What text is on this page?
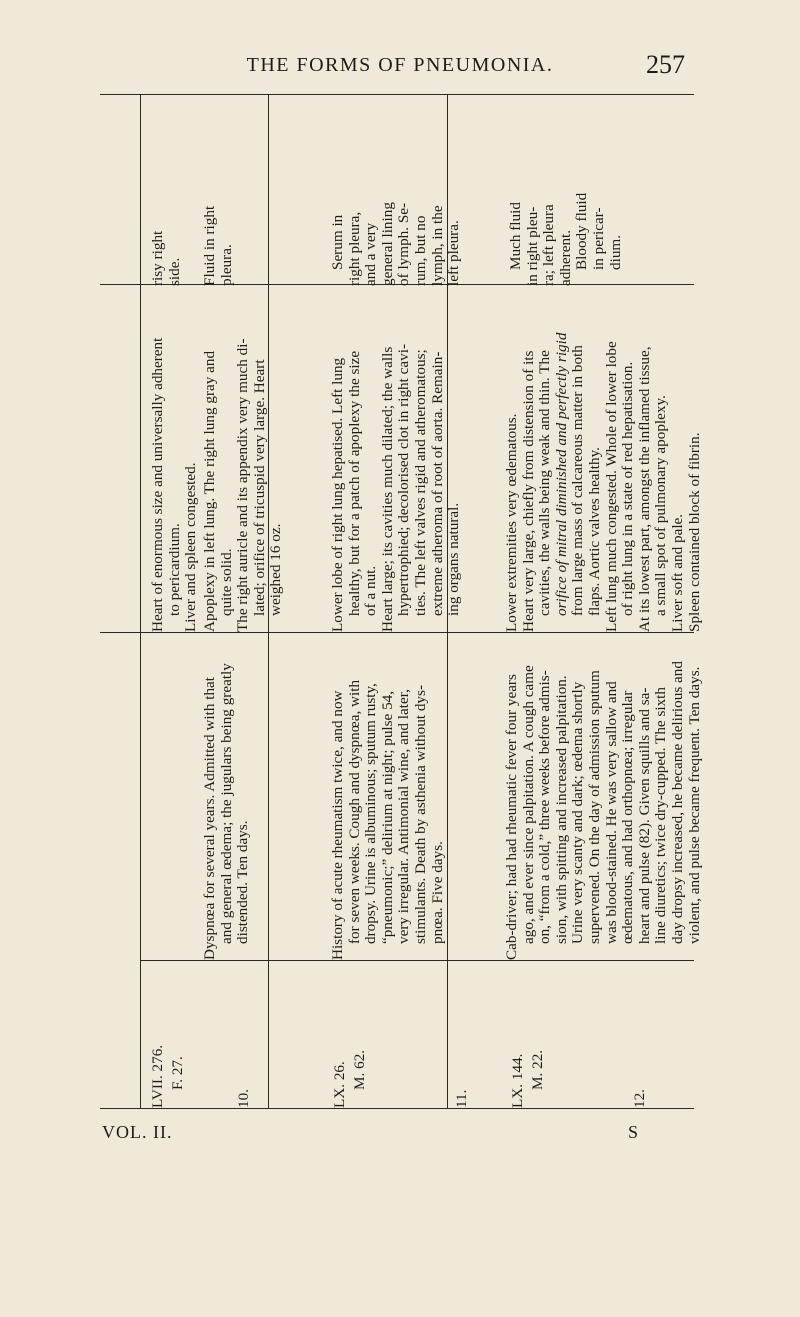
THE FORMS OF PNEUMONIA.	257
LVII. 276. F. 27.
Heart of enormous size and universally adherent to pericardium. Liver and spleen congested.
risy right side.
10.
Dyspnœa for several years. Admitted with that and general œdema; the jugulars being greatly distended. Ten days.
Apoplexy in left lung. The right lung gray and quite solid. The right auricle and its appendix very much di- lated; orifice of tricuspid very large. Heart weighed 16 oz.
Fluid in right pleura.
LX. 26. M. 62.
11.
History of acute rheumatism twice, and now for seven weeks. Cough and dyspnœa, with dropsy. Urine is albuminous; sputum rusty, “pneumonic;” delirium at night; pulse 54, very irregular. Antimonial wine, and later, stimulants. Death by asthenia without dys- pnœa. Five days.
Lower lobe of right lung hepatised. Left lung healthy, but for a patch of apoplexy the size of a nut. Heart large; its cavities much dilated; the walls hypertrophied; decolorised clot in right cavi- ties. The left valves rigid and atheromatous; extreme atheroma of root of aorta. Remain- ing organs natural.
Serum in right pleura, and a very general lining of lymph. Se- rum, but no lymph, in the left pleura.
LX. 144. M. 22.
12.
Cab-driver; had had rheumatic fever four years ago, and ever since palpitation. A cough came on, “from a cold,” three weeks before admis- sion, with spitting and increased palpitation. Urine very scanty and dark; œdema shortly supervened. On the day of admission sputum was blood-stained. He was very sallow and œdematous, and had orthopnœa; irregular heart and pulse (82). Given squills and sa- line diuretics; twice dry-cupped. The sixth day dropsy increased, he became delirious and violent, and pulse became frequent. Ten days.
Lower extremities very œdematous. Heart very large, chiefly from distension of its cavities, the walls being weak and thin. The orifice of mitral diminished and perfectly rigid from large mass of calcareous matter in both flaps. Aortic valves healthy. Left lung much congested. Whole of lower lobe of right lung in a state of red hepatisation. At its lowest part, amongst the inflamed tissue, a small spot of pulmonary apoplexy. Liver soft and pale. Spleen contained block of fibrin.
Much fluid in right pleu- ra; left pleura adherent. Bloody fluid in pericar- dium.
VOL. II.	S
